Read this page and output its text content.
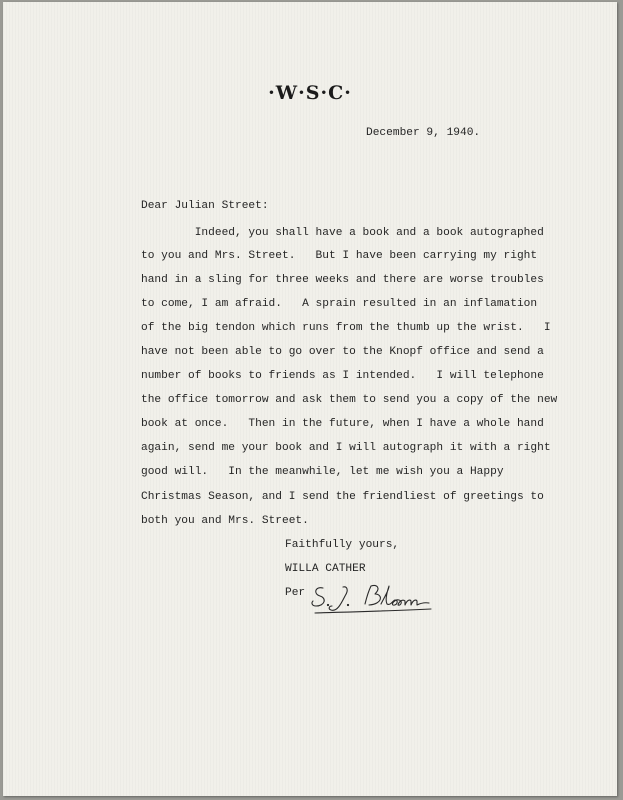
·W·S·C·
December 9, 1940.
Dear Julian Street:
Indeed, you shall have a book and a book autographed
to you and Mrs. Street.   But I have been carrying my right
hand in a sling for three weeks and there are worse troubles
to come, I am afraid.   A sprain resulted in an inflamation
of the big tendon which runs from the thumb up the wrist.   I
have not been able to go over to the Knopf office and send a
number of books to friends as I intended.   I will telephone
the office tomorrow and ask them to send you a copy of the new
book at once.   Then in the future, when I have a whole hand
again, send me your book and I will autograph it with a right
good will.   In the meanwhile, let me wish you a Happy
Christmas Season, and I send the friendliest of greetings to
both you and Mrs. Street.
Faithfully yours,
WILLA CATHER
Per
